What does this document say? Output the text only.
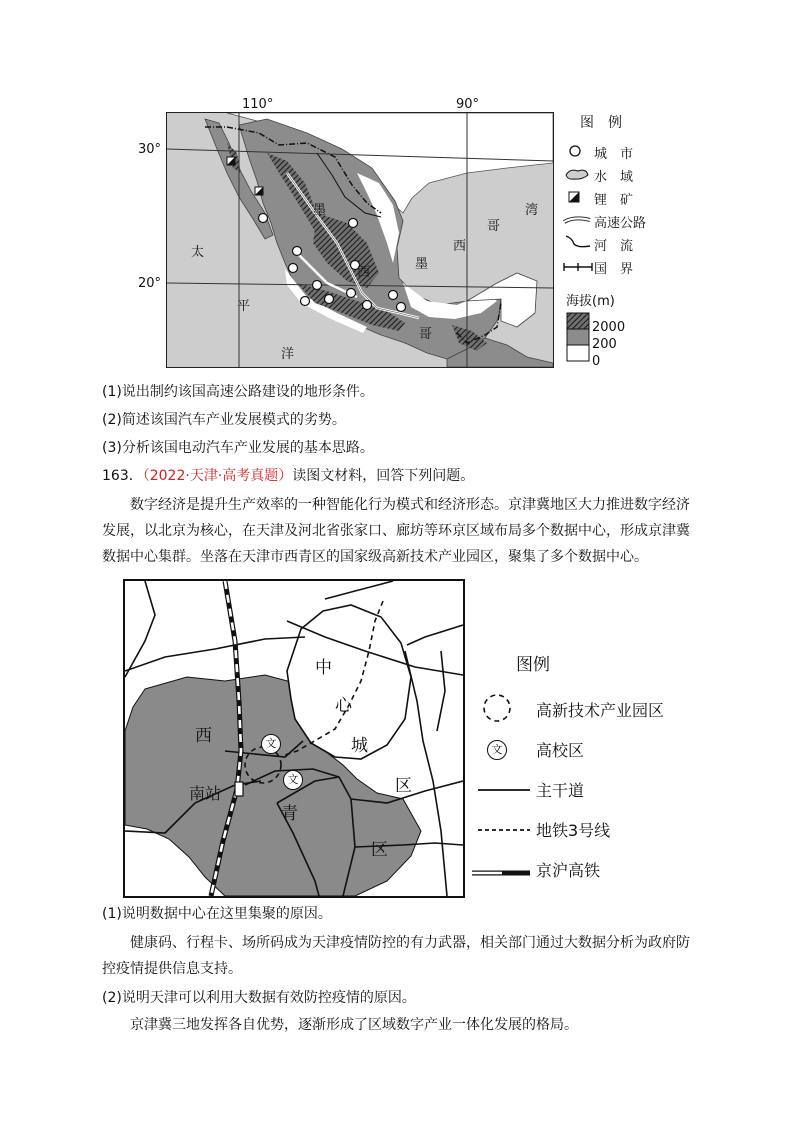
110°	90°
30°
20°
太
平
洋
墨
西
哥
墨
西
哥
湾
图　例
城　市
水　域
锂　矿
高速公路
河　流
国　界
海拔(m)
2000
200
0
(1)说出制约该国高速公路建设的地形条件。
(2)简述该国汽车产业发展模式的劣势。
(3)分析该国电动汽车产业发展的基本思路。
163．（2022·天津·高考真题）读图文材料，回答下列问题。
数字经济是提升生产效率的一种智能化行为模式和经济形态。京津冀地区大力推进数字经济发展，以北京为核心，在天津及河北省张家口、廊坊等环京区域布局多个数据中心，形成京津冀数据中心集群。坐落在天津市西青区的国家级高新技术产业园区，聚集了多个数据中心。
中
心
城
区
西
青
区
南站
文
文
图例
高新技术产业园区
文 高校区
主干道
地铁3号线
京沪高铁
(1)说明数据中心在这里集聚的原因。
健康码、行程卡、场所码成为天津疫情防控的有力武器，相关部门通过大数据分析为政府防控疫情提供信息支持。
(2)说明天津可以利用大数据有效防控疫情的原因。
京津冀三地发挥各自优势，逐渐形成了区域数字产业一体化发展的格局。
